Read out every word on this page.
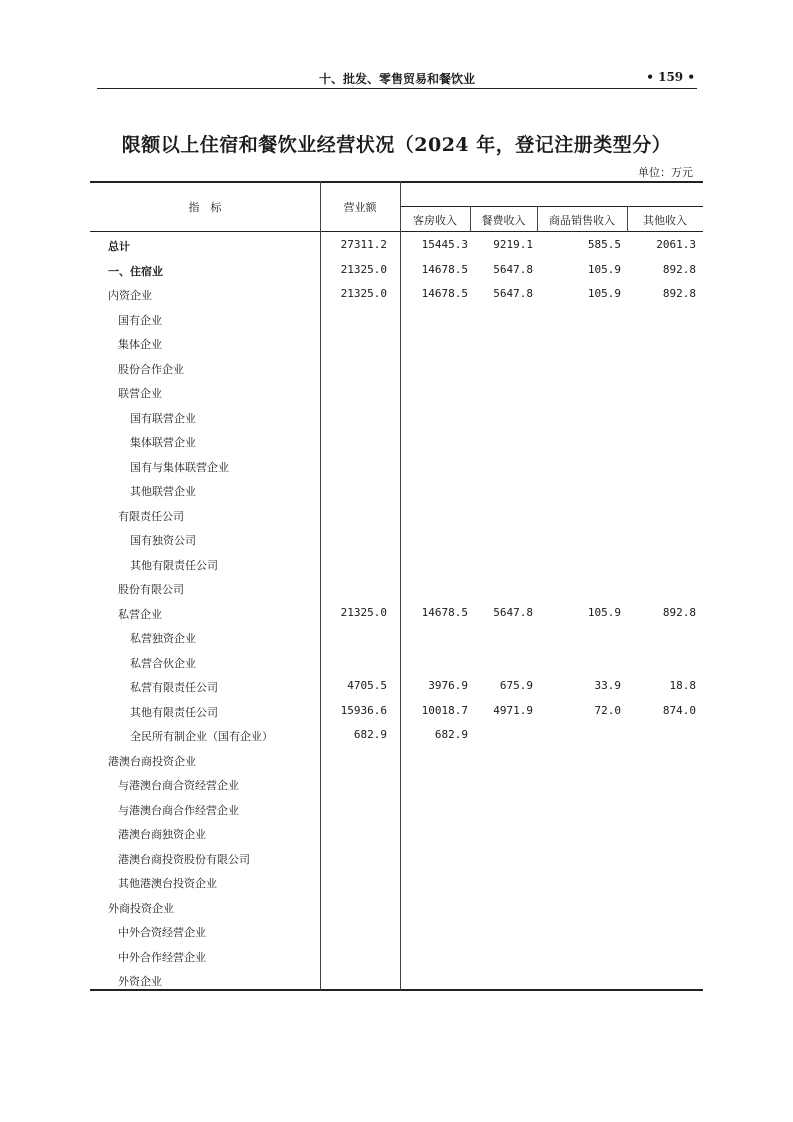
十、批发、零售贸易和餐饮业	• 159 •
限额以上住宿和餐饮业经营状况（2024 年，登记注册类型分）
单位：万元
指　标	营业额
客房收入	餐费收入	商品销售收入	其他收入
总计	27311.2	15445.3 9219.1	585.5	2061.3
一、住宿业	21325.0	14678.5 5647.8	105.9	892.8
内资企业	21325.0	14678.5 5647.8	105.9	892.8
国有企业
集体企业
股份合作企业
联营企业
国有联营企业
集体联营企业
国有与集体联营企业
其他联营企业
有限责任公司
国有独资公司
其他有限责任公司
股份有限公司
私营企业	21325.0	14678.5 5647.8	105.9	892.8
私营独资企业
私营合伙企业
私营有限责任公司	4705.5	3976.9	675.9	33.9	18.8
其他有限责任公司	15936.6	10018.7 4971.9	72.0	874.0
全民所有制企业（国有企业）	682.9	682.9
港澳台商投资企业
与港澳台商合资经营企业
与港澳台商合作经营企业
港澳台商独资企业
港澳台商投资股份有限公司
其他港澳台投资企业
外商投资企业
中外合资经营企业
中外合作经营企业
外资企业
